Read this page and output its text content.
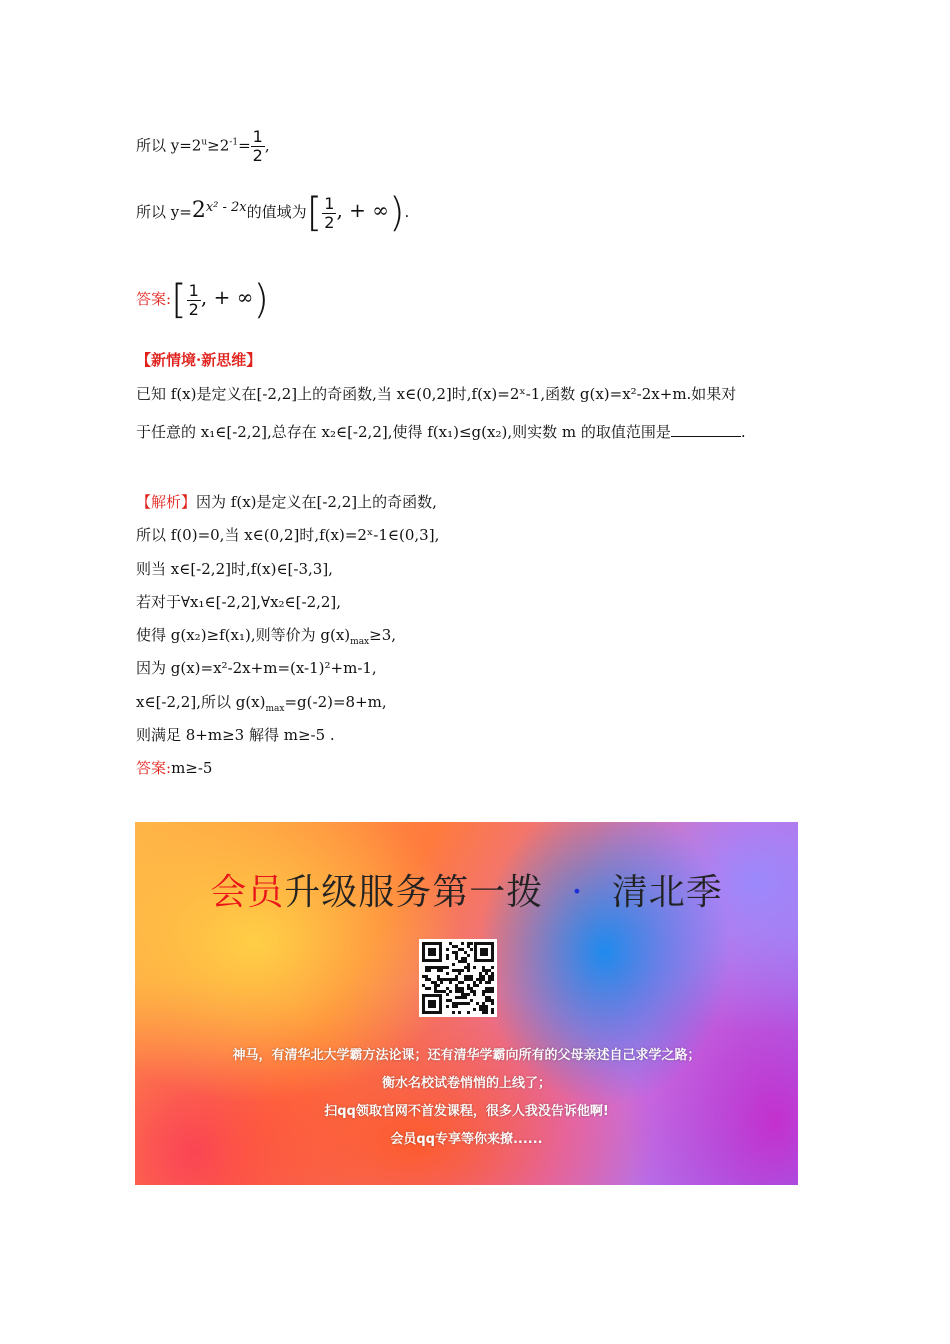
所以 $y=2^u\ge 2^{-1}= \frac{1}{2}$ ,
所以 $y=2^{x^2 - 2x}$的值域为[ $\frac{1}{2}$ , + ∞).
答案:[ $\frac{1}{2}$ , + ∞)
【新情境·新思维】
已知 f(x)是定义在[-2,2]上的奇函数,当 x∈(0,2]时,f(x)=2ˣ-1,函数 g(x)=x²-2x+m.如果对
于任意的 x₁∈[-2,2],总存在 x₂∈[-2,2],使得 f(x₁)≤g(x₂),则实数 m 的取值范围是	.
【解析】因为 f(x)是定义在[-2,2]上的奇函数,
所以 f(0)=0,当 x∈(0,2]时,f(x)=2ˣ-1∈(0,3],
则当 x∈[-2,2]时,f(x)∈[-3,3],
若对于∀x₁∈[-2,2],∀x₂∈[-2,2],
使得 g(x₂)≥f(x₁),则等价为 $g(x)_{max}\ge 3$,
因为 g(x)=x²-2x+m=(x-1)²+m-1,
x∈[-2,2],所以 $g(x)_{max}=g(-2)=8+m$,
则满足 8+m≥3 解得 m≥-5 .
答案:m≥-5
会员升级服务第一拨 · 清北季
神马，有清华北大学霸方法论课；还有清华学霸向所有的父母亲述自己求学之路；
衡水名校试卷悄悄的上线了；
扫qq领取官网不首发课程，很多人我没告诉他啊!
会员qq专享等你来撩......
